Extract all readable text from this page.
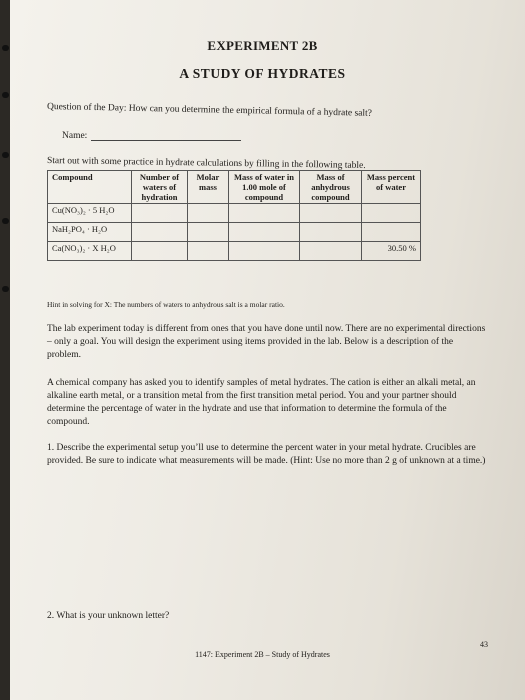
EXPERIMENT 2B
A STUDY OF HYDRATES
Question of the Day: How can you determine the empirical formula of a hydrate salt?
Name:
Start out with some practice in hydrate calculations by filling in the following table.
Compound	Number of waters of hydration	Molar mass	Mass of water in 1.00 mole of compound	Mass of anhydrous compound	Mass percent of water
Cu(NO₃)₂ · 5 H₂O					
NaH₂PO₄ · H₂O					
Ca(NO₃)₂ · X H₂O					30.50 %
Hint in solving for X: The numbers of waters to anhydrous salt is a molar ratio.
The lab experiment today is different from ones that you have done until now. There are no experimental directions – only a goal. You will design the experiment using items provided in the lab. Below is a description of the problem.
A chemical company has asked you to identify samples of metal hydrates. The cation is either an alkali metal, an alkaline earth metal, or a transition metal from the first transition metal period. You and your partner should determine the percentage of water in the hydrate and use that information to determine the formula of the compound.
1. Describe the experimental setup you’ll use to determine the percent water in your metal hydrate. Crucibles are provided. Be sure to indicate what measurements will be made. (Hint: Use no more than 2 g of unknown at a time.)
2. What is your unknown letter?
43
1147: Experiment 2B – Study of Hydrates
